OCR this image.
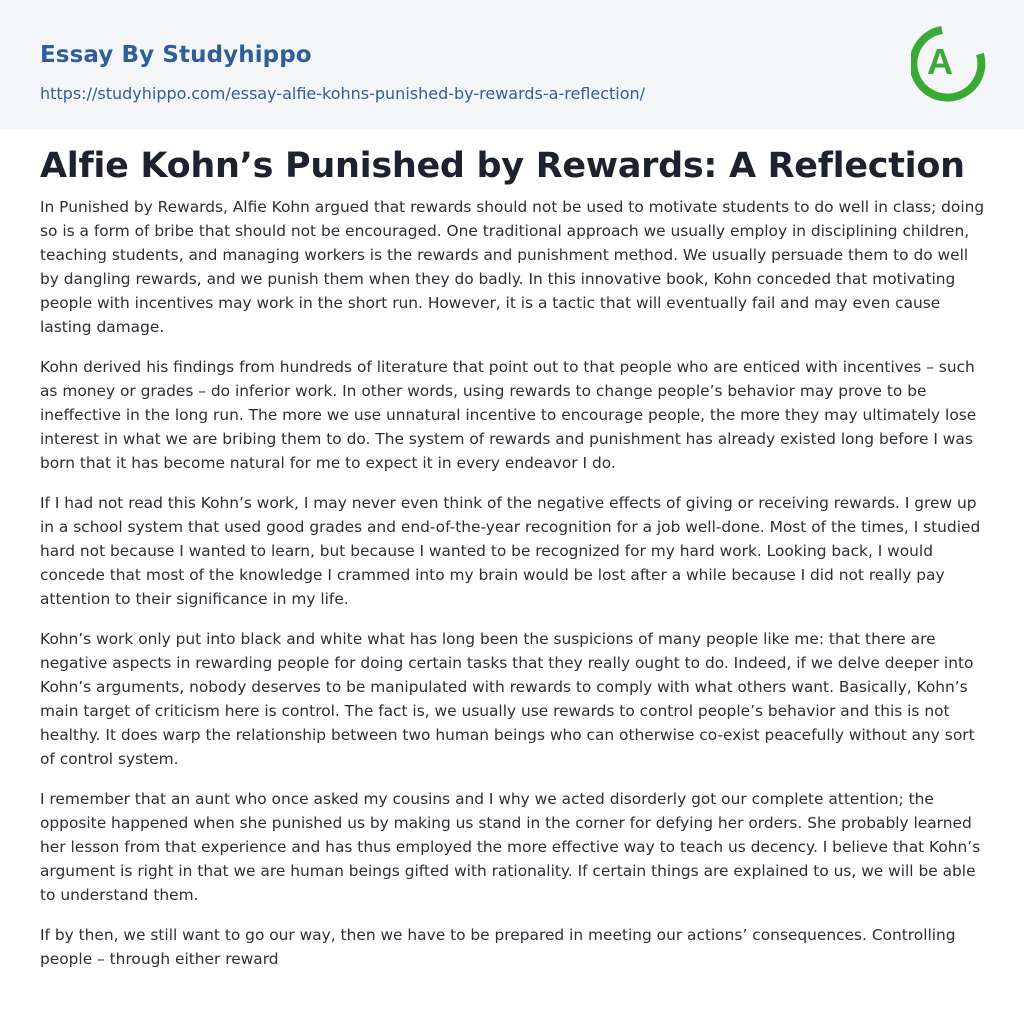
Essay By Studyhippo
https://studyhippo.com/essay-alfie-kohns-punished-by-rewards-a-reflection/
A
Alfie Kohn’s Punished by Rewards: A Reflection

In Punished by Rewards, Alfie Kohn argued that rewards should not be used to motivate students to do well in class; doing so is a form of bribe that should not be encouraged. One traditional approach we usually employ in disciplining children, teaching students, and managing workers is the rewards and punishment method. We usually persuade them to do well by dangling rewards, and we punish them when they do badly. In this innovative book, Kohn conceded that motivating people with incentives may work in the short run. However, it is a tactic that will eventually fail and may even cause lasting damage.

Kohn derived his findings from hundreds of literature that point out to that people who are enticed with incentives – such as money or grades – do inferior work. In other words, using rewards to change people’s behavior may prove to be ineffective in the long run. The more we use unnatural incentive to encourage people, the more they may ultimately lose interest in what we are bribing them to do. The system of rewards and punishment has already existed long before I was born that it has become natural for me to expect it in every endeavor I do.

If I had not read this Kohn’s work, I may never even think of the negative effects of giving or receiving rewards. I grew up in a school system that used good grades and end-of-the-year recognition for a job well-done. Most of the times, I studied hard not because I wanted to learn, but because I wanted to be recognized for my hard work. Looking back, I would concede that most of the knowledge I crammed into my brain would be lost after a while because I did not really pay attention to their significance in my life.

Kohn’s work only put into black and white what has long been the suspicions of many people like me: that there are negative aspects in rewarding people for doing certain tasks that they really ought to do. Indeed, if we delve deeper into Kohn’s arguments, nobody deserves to be manipulated with rewards to comply with what others want. Basically, Kohn’s main target of criticism here is control. The fact is, we usually use rewards to control people’s behavior and this is not healthy. It does warp the relationship between two human beings who can otherwise co-exist peacefully without any sort of control system.

I remember that an aunt who once asked my cousins and I why we acted disorderly got our complete attention; the opposite happened when she punished us by making us stand in the corner for defying her orders. She probably learned her lesson from that experience and has thus employed the more effective way to teach us decency. I believe that Kohn’s argument is right in that we are human beings gifted with rationality. If certain things are explained to us, we will be able to understand them.

If by then, we still want to go our way, then we have to be prepared in meeting our actions’ consequences. Controlling people – through either reward
